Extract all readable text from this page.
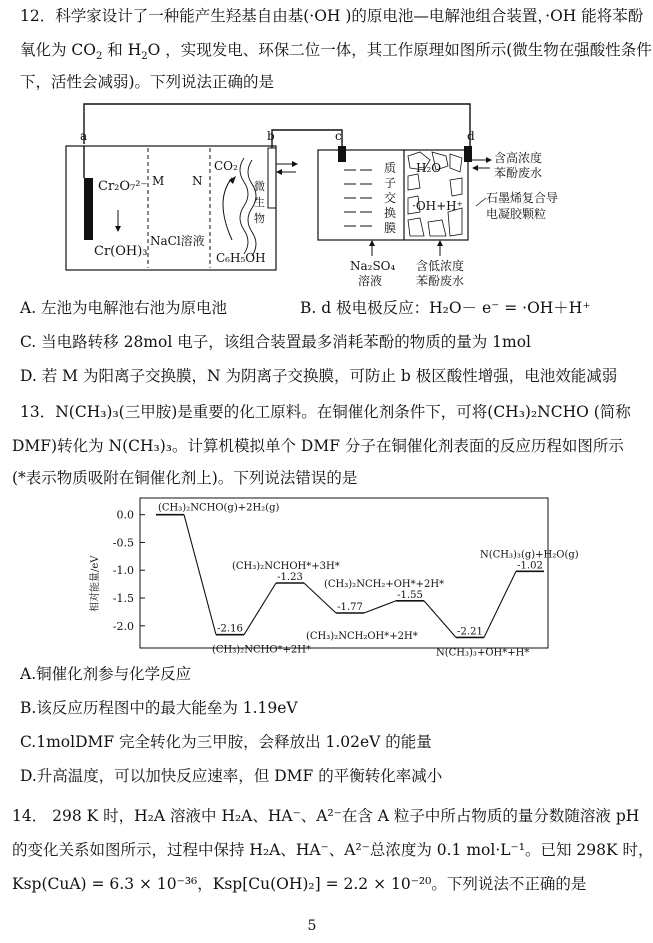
12．科学家设计了一种能产生羟基自由基(·OH )的原电池—电解池组合装置，·OH 能将苯酚
氧化为 $CO_2$ 和 $H_2O$ ，实现发电、环保二位一体，其工作原理如图所示(微生物在强酸性条件
下，活性会减弱)。下列说法正确的是
a	b	c	d
M N
Cr₂O₇²⁻
Cr(OH)₃
NaCl溶液
CO₂
微
生
物
C₆H₅OH
质
子
交
换
膜
H₂O
·OH+H⁺
含高浓度
苯酚废水
石墨烯复合导
电凝胶颗粒
Na₂SO₄
溶液
含低浓度
苯酚废水
A. 左池为电解池右池为原电池	B. d 极电极反应：H₂O－ e⁻ = ·OH＋H⁺
C. 当电路转移 28mol 电子，该组合装置最多消耗苯酚的物质的量为 1mol
D. 若 M 为阳离子交换膜，N 为阴离子交换膜，可防止 b 极区酸性增强，电池效能减弱
13．N(CH₃)₃(三甲胺)是重要的化工原料。在铜催化剂条件下，可将(CH₃)₂NCHO (简称
DMF)转化为 N(CH₃)₃。计算机模拟单个 DMF 分子在铜催化剂表面的反应历程如图所示
(*表示物质吸附在铜催化剂上)。下列说法错误的是
0.0
-0.5
-1.0
-1.5
-2.0	-2.16
-1.23
-1.77
-1.55
-2.21
-1.02
(CH₃)₂NCHO(g)+2H₂(g)
(CH₃)₂NCHO*+2H*
(CH₃)₂NCHOH*+3H*
(CH₃)₂NCH₂OH*+2H*
(CH₃)₂NCH₂+OH*+2H*
N(CH₃)₃+OH*+H*
N(CH₃)₃(g)+H₂O(g)
相对能量/eV
A.铜催化剂参与化学反应
B.该反应历程图中的最大能垒为 1.19eV
C.1molDMF 完全转化为三甲胺，会释放出 1.02eV 的能量
D.升高温度，可以加快反应速率，但 DMF 的平衡转化率减小
14． 298 K 时，H₂A 溶液中 H₂A、HA⁻、A²⁻在含 A 粒子中所占物质的量分数随溶液 pH
的变化关系如图所示，过程中保持 H₂A、HA⁻、A²⁻总浓度为 0.1 mol·L⁻¹。已知 298K 时，
Ksp(CuA) = 6.3 × 10⁻³⁶，Ksp[Cu(OH)₂] = 2.2 × 10⁻²⁰。下列说法不正确的是
5
